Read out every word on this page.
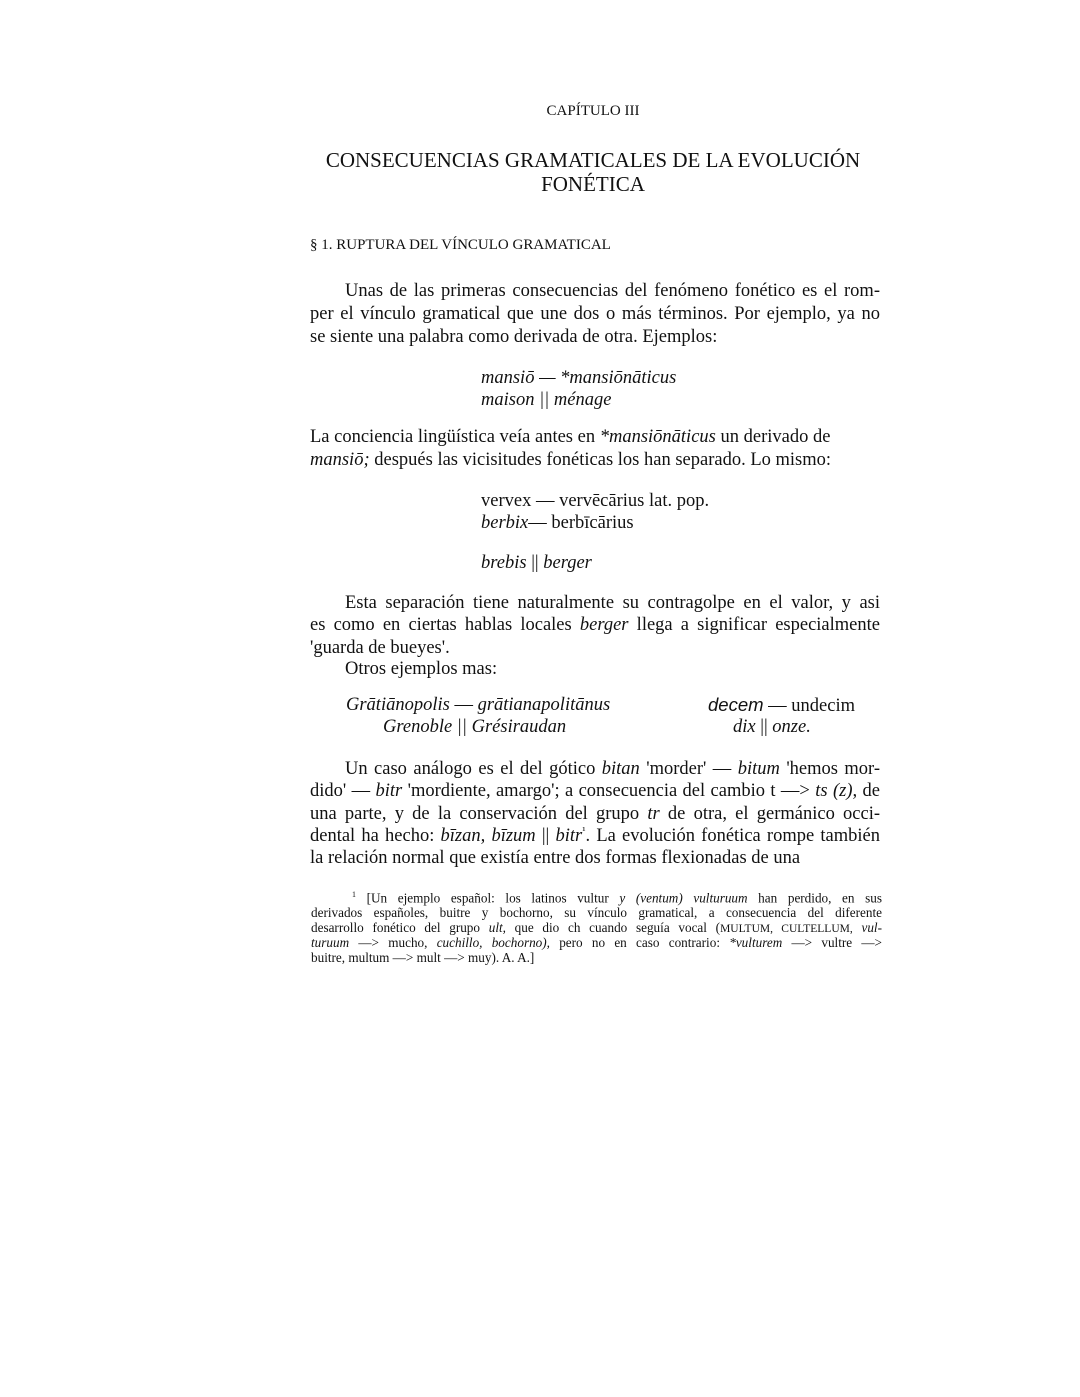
CAPÍTULO III
CONSECUENCIAS GRAMATICALES DE LA EVOLUCIÓN
FONÉTICA
§ 1. RUPTURA DEL VÍNCULO GRAMATICAL
Unas de las primeras consecuencias del fenómeno fonético es el rom-
per el vínculo gramatical que une dos o más términos. Por ejemplo, ya no
se siente una palabra como derivada de otra. Ejemplos:
mansiō — *mansiōnāticus
maison || ménage
La conciencia lingüística veía antes en *mansiōnāticus un derivado de
mansiō; después las vicisitudes fonéticas los han separado. Lo mismo:
vervex — vervēcārius lat. pop.
berbix— berbīcārius
brebis || berger
Esta separación tiene naturalmente su contragolpe en el valor, y asi
es como en ciertas hablas locales berger llega a significar especialmente
'guarda de bueyes'.
Otros ejemplos mas:
Grātiānopolis — grātianapolitānus
Grenoble || Grésiraudan
decem — undecim
dix || onze.
Un caso análogo es el del gótico bitan 'morder' — bitum 'hemos mor-
dido' — bitr 'mordiente, amargo'; a consecuencia del cambio t —> ts (z), de
una parte, y de la conservación del grupo tr de otra, el germánico occi-
dental ha hecho: bīzan, bīzum || bitr$^{^1}$. La evolución fonética rompe también
la relación normal que existía entre dos formas flexionadas de una
$^1$ [Un ejemplo español: los latinos vultur y (ventum) vulturuum han perdido, en sus
derivados españoles, buitre y bochorno, su vínculo gramatical, a consecuencia del diferente
desarrollo fonético del grupo ult, que dio ch cuando seguía vocal (MULTUM, CULTELLUM, vul-
turuum —> mucho, cuchillo, bochorno), pero no en caso contrario: *vulturem —> vultre —>
buitre, multum —> mult —> muy). A. A.]
